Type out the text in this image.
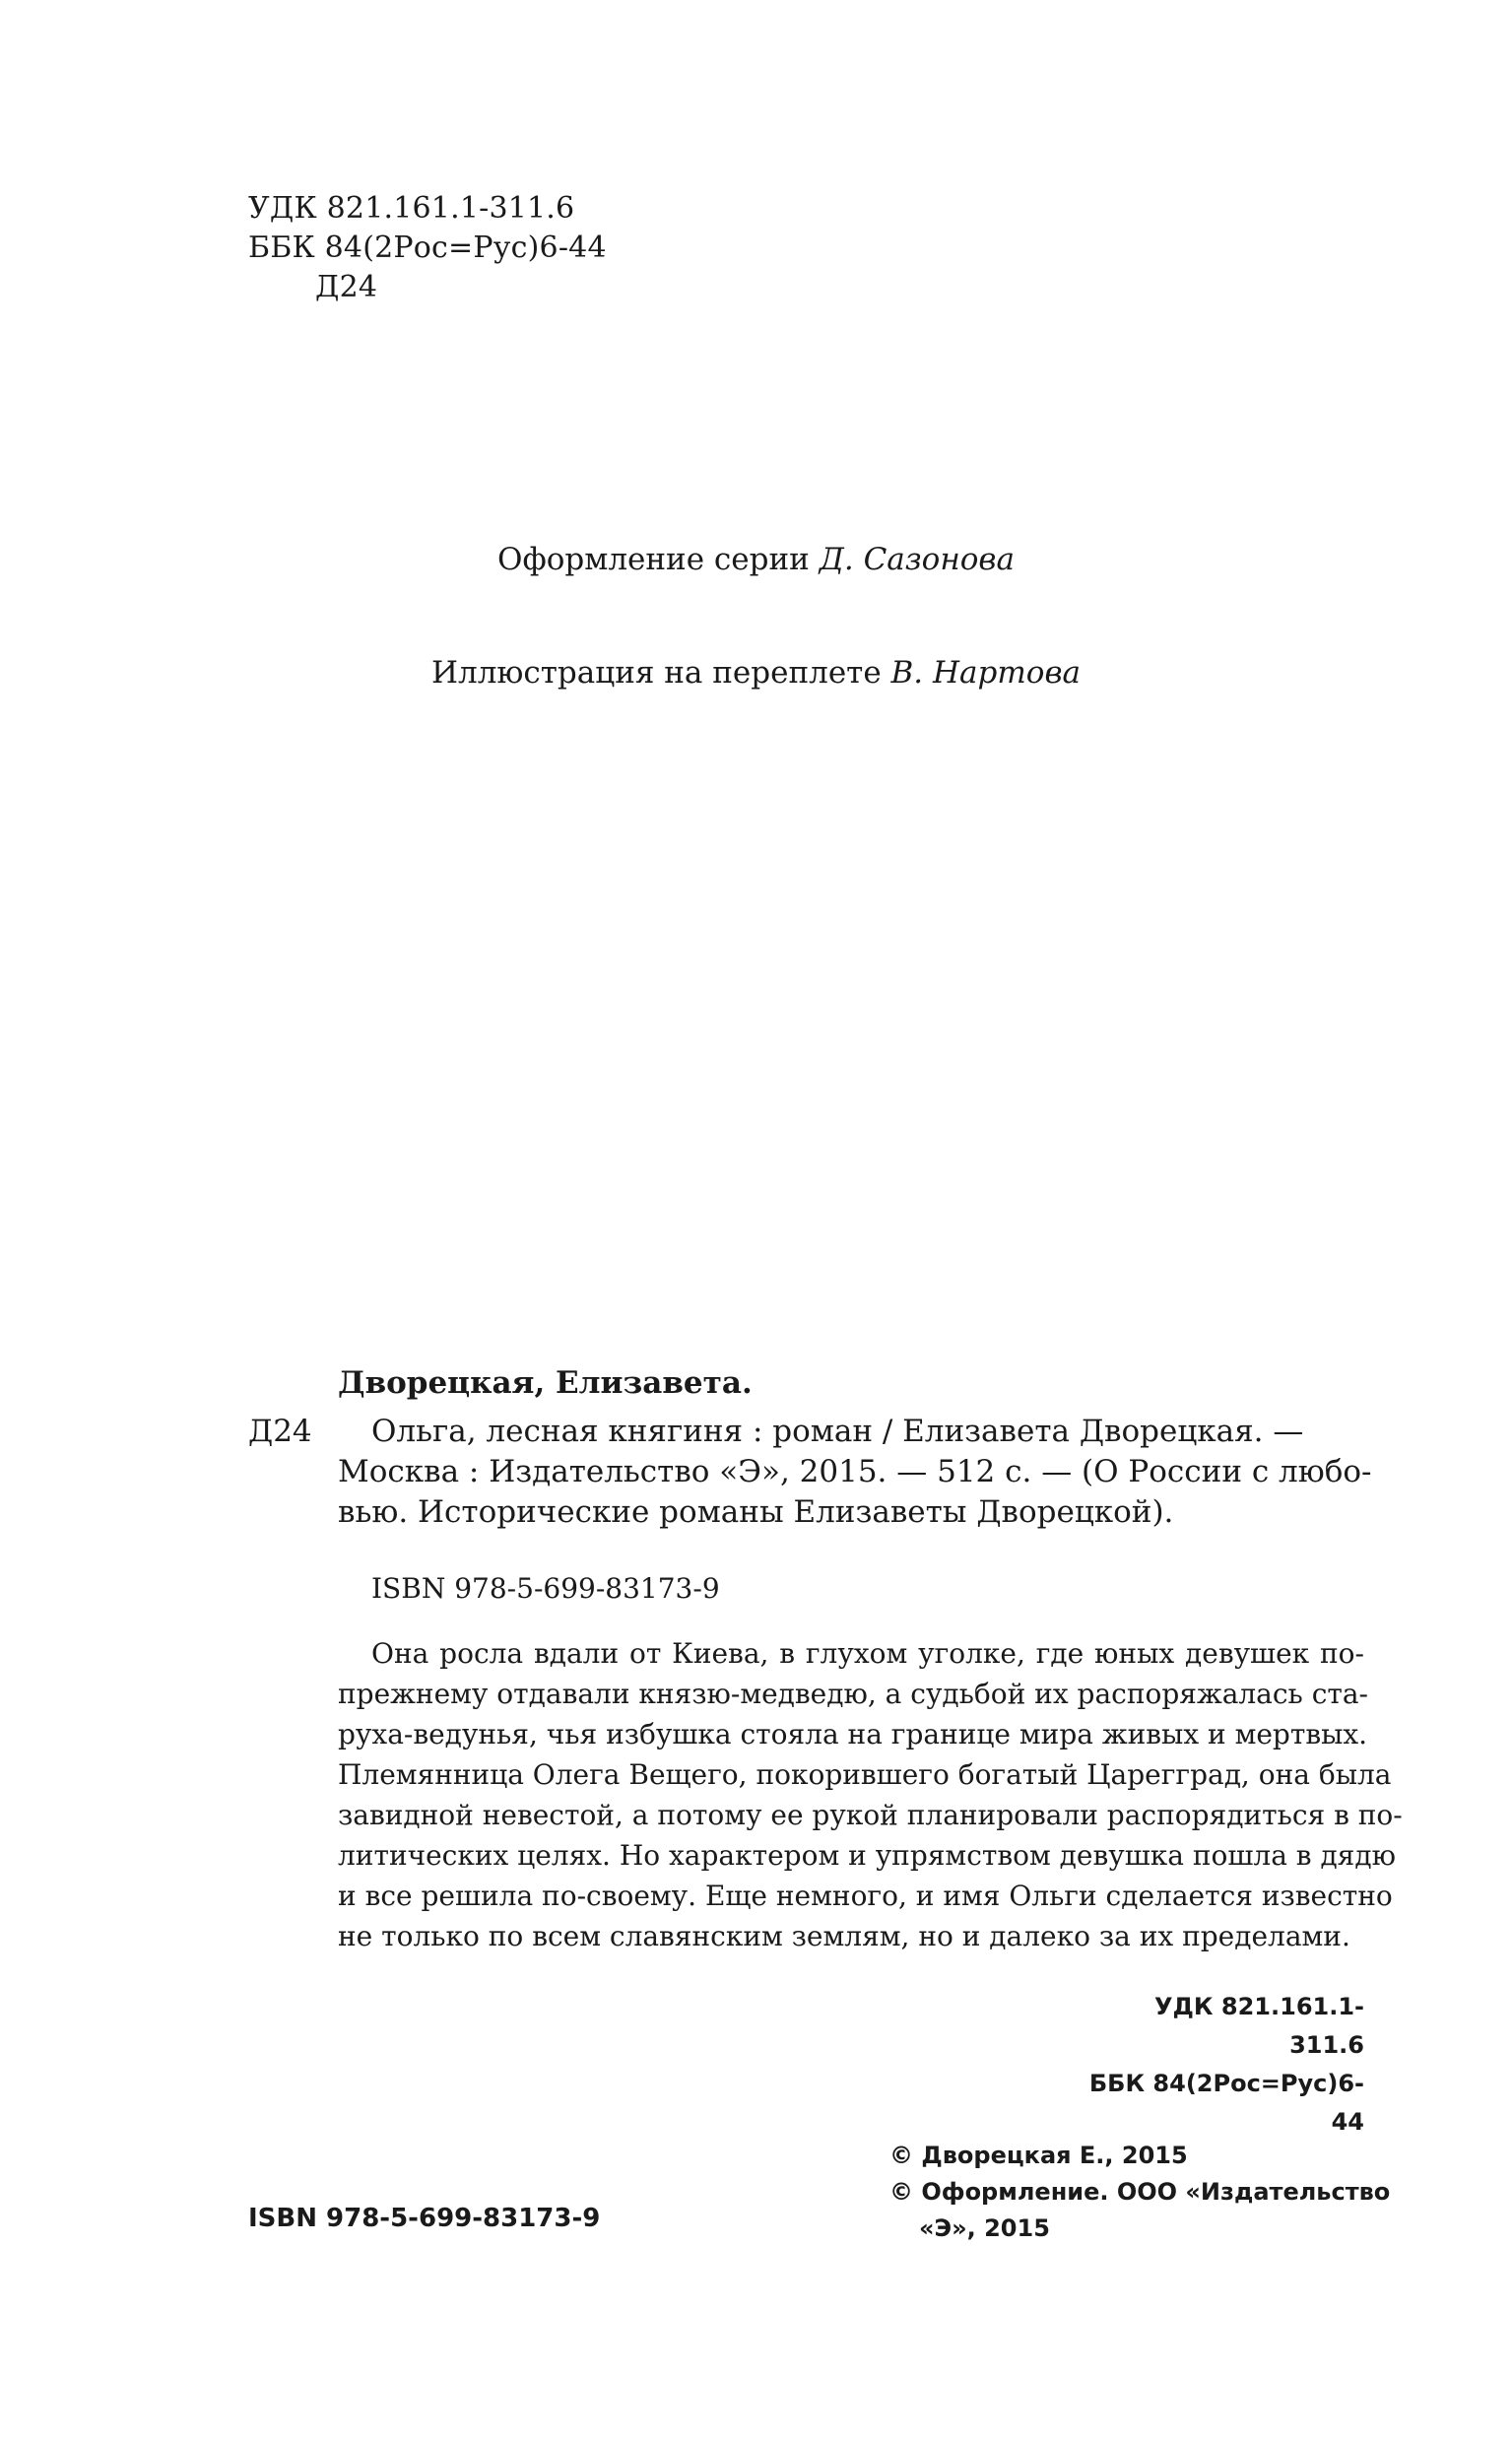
УДК 821.161.1-311.6
ББК 84(2Рос=Рус)6-44
Д24
Оформление серии Д. Сазонова
Иллюстрация на переплете В. Нартова
Дворецкая, Елизавета.
Д24	Ольга, лесная княгиня : роман / Елизавета Дворецкая. —
Москва : Издательство «Э», 2015. — 512 с. — (О России с любо-
вью. Исторические романы Елизаветы Дворецкой).
ISBN 978-5-699-83173-9
Она росла вдали от Киева, в глухом уголке, где юных девушек по-
прежнему отдавали князю-медведю, а судьбой их распоряжалась ста-
руха-ведунья, чья избушка стояла на границе мира живых и мертвых.
Племянница Олега Вещего, покорившего богатый Царегград, она была
завидной невестой, а потому ее рукой планировали распорядиться в по-
литических целях. Но характером и упрямством девушка пошла в дядю
и все решила по-своему. Еще немного, и имя Ольги сделается известно
не только по всем славянским землям, но и далеко за их пределами.
УДК 821.161.1-311.6
ББК 84(2Рос=Рус)6-44
ISBN 978-5-699-83173-9
© Дворецкая Е., 2015
© Оформление. ООО «Издательство
«Э», 2015
